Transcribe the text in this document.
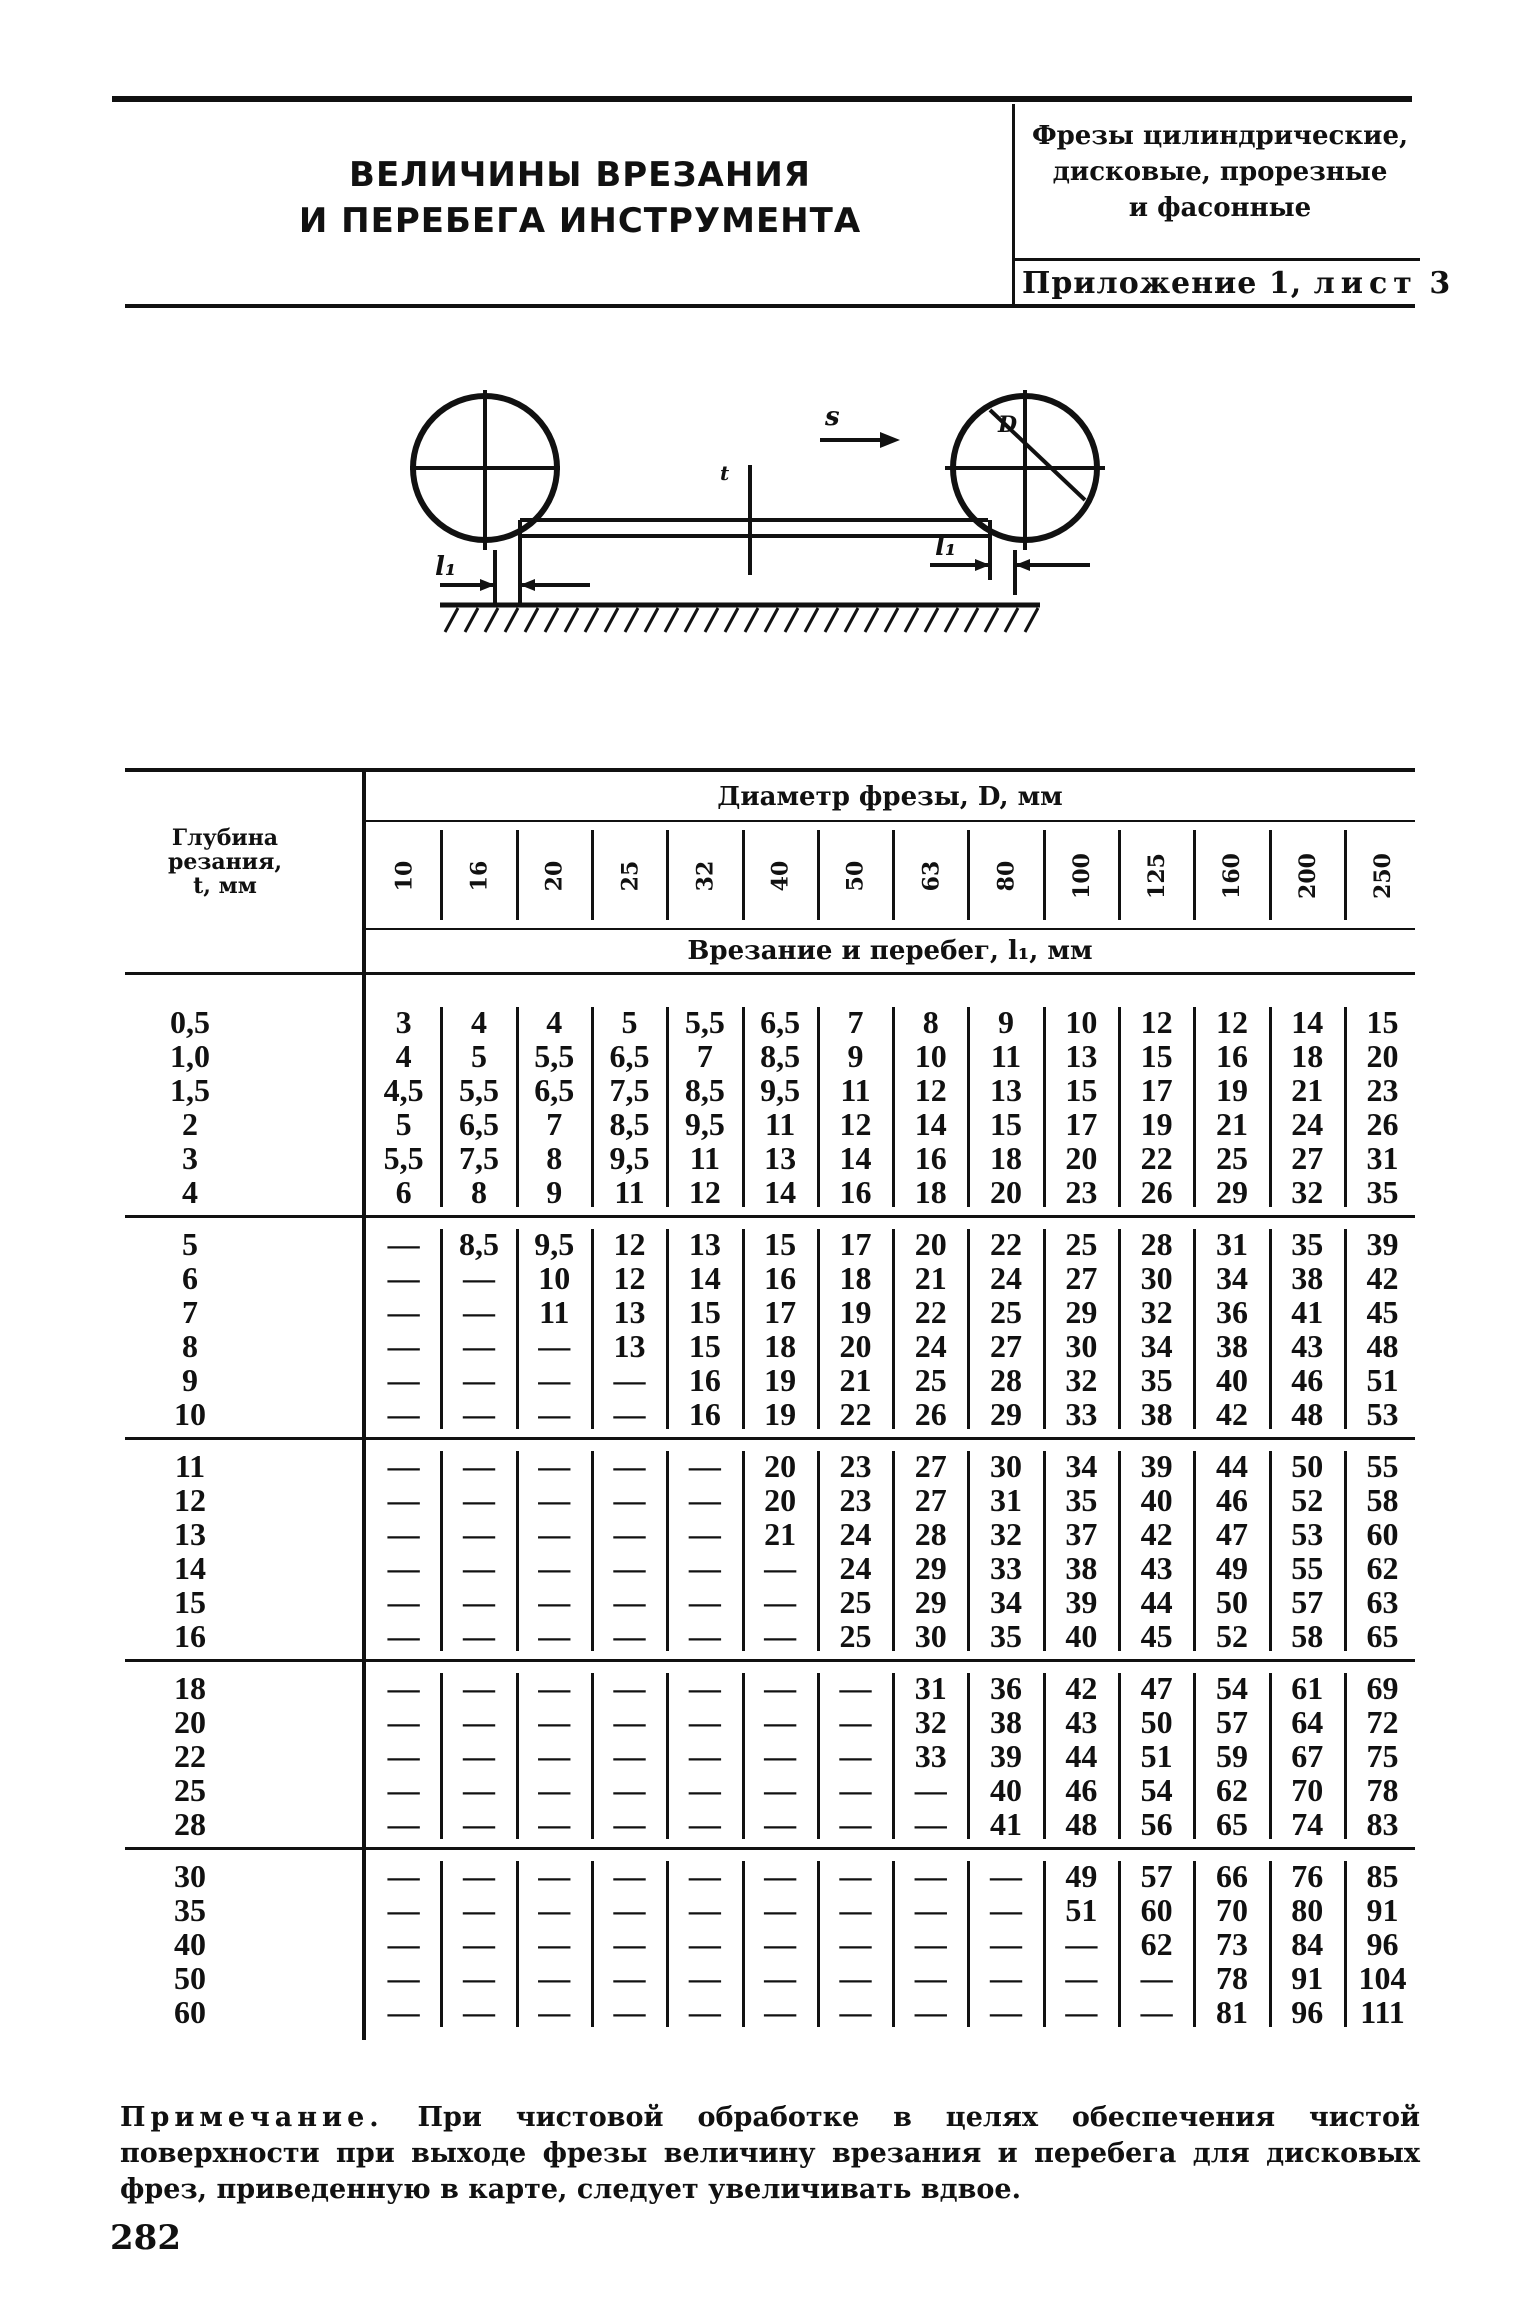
ВЕЛИЧИНЫ ВРЕЗАНИЯ
И ПЕРЕБЕГА ИНСТРУМЕНТА
Фрезы цилиндрические,
дисковые, прорезные
и фасонные
Приложение 1, лист 3
s	D
t
l₁
l₁
Глубина
резания,
t, мм
Диаметр фрезы, D, мм
Врезание и перебег, l₁, мм
10 16 20 25 32 40 50 63 80 100 125 160 200 250
0,5	3	4	4	5	5,5	6,5	7	8	9	10	12	12	14	15
1,0	4	5	5,5	6,5	7	8,5	9	10	11	13	15	16	18	20
1,5	4,5	5,5	6,5	7,5	8,5	9,5	11	12	13	15	17	19	21	23
2	5	6,5	7	8,5	9,5	11	12	14	15	17	19	21	24	26
3	5,5	7,5	8	9,5	11	13	14	16	18	20	22	25	27	31
4	6	8	9	11	12	14	16	18	20	23	26	29	32	35
5	—	8,5	9,5	12	13	15	17	20	22	25	28	31	35	39
6	—	—	10	12	14	16	18	21	24	27	30	34	38	42
7	—	—	11	13	15	17	19	22	25	29	32	36	41	45
8	—	—	—	13	15	18	20	24	27	30	34	38	43	48
9	—	—	—	—	16	19	21	25	28	32	35	40	46	51
10	—	—	—	—	16	19	22	26	29	33	38	42	48	53
11	—	—	—	—	—	20	23	27	30	34	39	44	50	55
12	—	—	—	—	—	20	23	27	31	35	40	46	52	58
13	—	—	—	—	—	21	24	28	32	37	42	47	53	60
14	—	—	—	—	—	—	24	29	33	38	43	49	55	62
15	—	—	—	—	—	—	25	29	34	39	44	50	57	63
16	—	—	—	—	—	—	25	30	35	40	45	52	58	65
18	—	—	—	—	—	—	—	31	36	42	47	54	61	69
20	—	—	—	—	—	—	—	32	38	43	50	57	64	72
22	—	—	—	—	—	—	—	33	39	44	51	59	67	75
25	—	—	—	—	—	—	—	—	40	46	54	62	70	78
28	—	—	—	—	—	—	—	—	41	48	56	65	74	83
30	—	—	—	—	—	—	—	—	—	49	57	66	76	85
35	—	—	—	—	—	—	—	—	—	51	60	70	80	91
40	—	—	—	—	—	—	—	—	—	—	62	73	84	96
50	—	—	—	—	—	—	—	—	—	—	—	78	91	104
60	—	—	—	—	—	—	—	—	—	—	—	81	96	111
Примечание. При чистовой обработке в целях обеспечения чистой поверхности при выходе фрезы величину врезания и перебега для дисковых фрез, приведенную в карте, следует увеличивать вдвое.
282
